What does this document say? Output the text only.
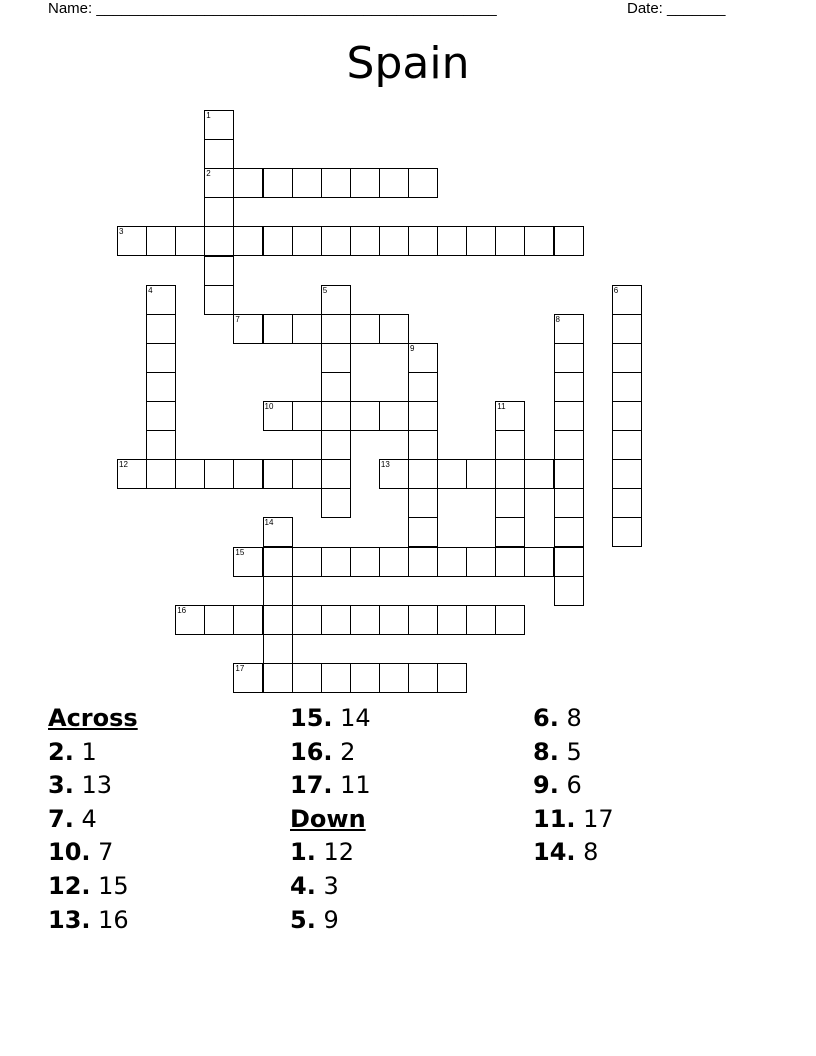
Name: ________________________________________________	Date: _______
Spain
1
2
3
4	5	6
7	8
9
10	11
12	13
14
15
16
17
Across
2. 1
3. 13
7. 4
10. 7
12. 15
13. 16
15. 14
16. 2
17. 11
Down
1. 12
4. 3
5. 9
6. 8
8. 5
9. 6
11. 17
14. 8
